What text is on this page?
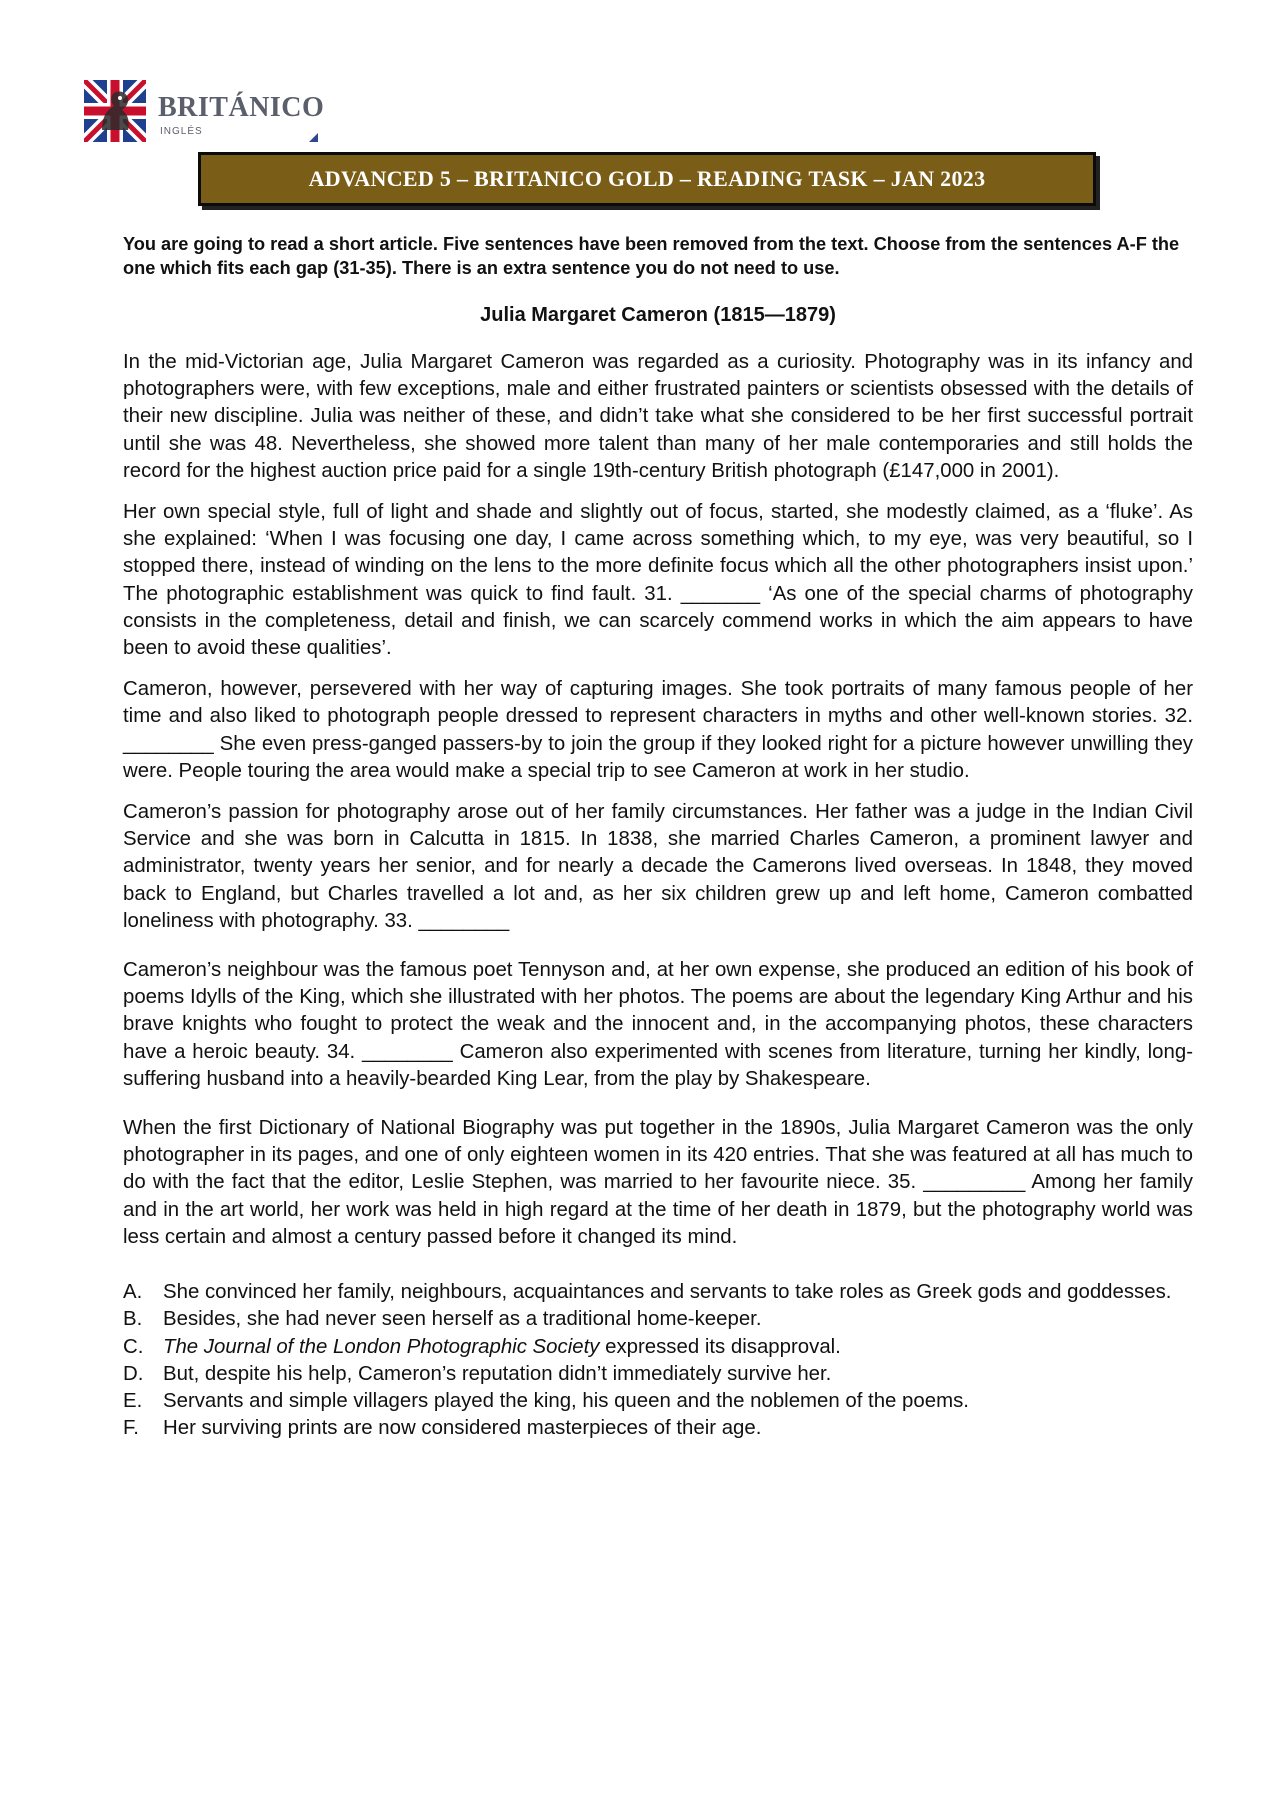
BRITÁNICO
INGLÉS
ADVANCED 5 – BRITANICO GOLD – READING TASK – JAN 2023

You are going to read a short article. Five sentences have been removed from the text. Choose from the sentences A-F the one which fits each gap (31-35). There is an extra sentence you do not need to use.

Julia Margaret Cameron (1815—1879)

In the mid-Victorian age, Julia Margaret Cameron was regarded as a curiosity. Photography was in its infancy and photographers were, with few exceptions, male and either frustrated painters or scientists obsessed with the details of their new discipline. Julia was neither of these, and didn’t take what she considered to be her first successful portrait until she was 48. Nevertheless, she showed more talent than many of her male contemporaries and still holds the record for the highest auction price paid for a single 19th-century British photograph (£147,000 in 2001).

Her own special style, full of light and shade and slightly out of focus, started, she modestly claimed, as a ‘fluke’. As she explained: ‘When I was focusing one day, I came across something which, to my eye, was very beautiful, so I stopped there, instead of winding on the lens to the more definite focus which all the other photographers insist upon.’ The photographic establishment was quick to find fault. 31. _______ ‘As one of the special charms of photography consists in the completeness, detail and finish, we can scarcely commend works in which the aim appears to have been to avoid these qualities’.

Cameron, however, persevered with her way of capturing images. She took portraits of many famous people of her time and also liked to photograph people dressed to represent characters in myths and other well-known stories. 32. ________ She even press-ganged passers-by to join the group if they looked right for a picture however unwilling they were. People touring the area would make a special trip to see Cameron at work in her studio.

Cameron’s passion for photography arose out of her family circumstances. Her father was a judge in the Indian Civil Service and she was born in Calcutta in 1815. In 1838, she married Charles Cameron, a prominent lawyer and administrator, twenty years her senior, and for nearly a decade the Camerons lived overseas. In 1848, they moved back to England, but Charles travelled a lot and, as her six children grew up and left home, Cameron combatted loneliness with photography. 33. ________

Cameron’s neighbour was the famous poet Tennyson and, at her own expense, she produced an edition of his book of poems Idylls of the King, which she illustrated with her photos. The poems are about the legendary King Arthur and his brave knights who fought to protect the weak and the innocent and, in the accompanying photos, these characters have a heroic beauty. 34. ________ Cameron also experimented with scenes from literature, turning her kindly, long-suffering husband into a heavily-bearded King Lear, from the play by Shakespeare.

When the first Dictionary of National Biography was put together in the 1890s, Julia Margaret Cameron was the only photographer in its pages, and one of only eighteen women in its 420 entries. That she was featured at all has much to do with the fact that the editor, Leslie Stephen, was married to her favourite niece. 35. _________ Among her family and in the art world, her work was held in high regard at the time of her death in 1879, but the photography world was less certain and almost a century passed before it changed its mind.

A.	She convinced her family, neighbours, acquaintances and servants to take roles as Greek gods and goddesses.
B.	Besides, she had never seen herself as a traditional home-keeper.
C. The Journal of the London Photographic Society expressed its disapproval.
D. But, despite his help, Cameron’s reputation didn’t immediately survive her.
E.	Servants and simple villagers played the king, his queen and the noblemen of the poems.
F.	Her surviving prints are now considered masterpieces of their age.
